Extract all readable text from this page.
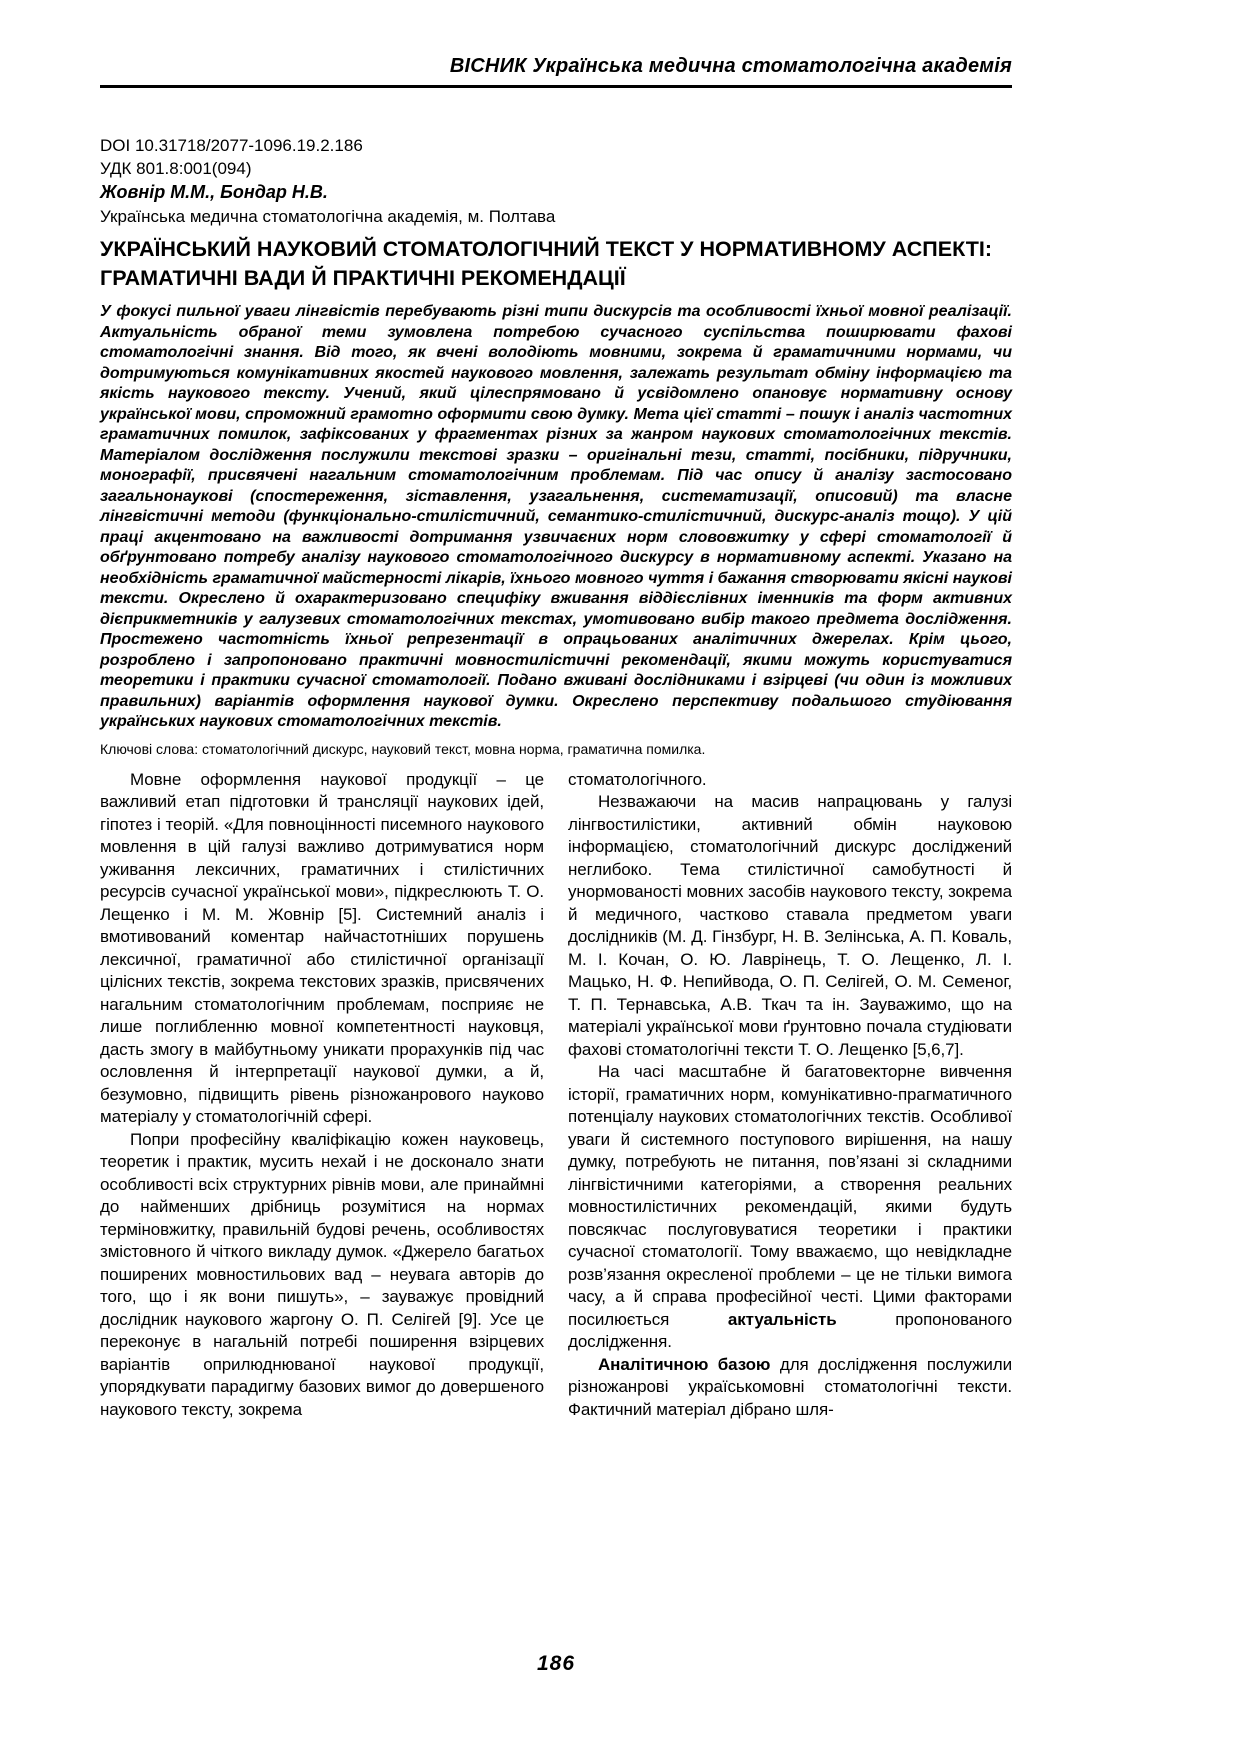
ВІСНИК Українська медична стоматологічна академія
DOI 10.31718/2077-1096.19.2.186
УДК 801.8:001(094)
Жовнір М.М., Бондар Н.В.
Українська медична стоматологічна академія, м. Полтава
УКРАЇНСЬКИЙ НАУКОВИЙ СТОМАТОЛОГІЧНИЙ ТЕКСТ У НОРМАТИВНОМУ АСПЕКТІ: ГРАМАТИЧНІ ВАДИ Й ПРАКТИЧНІ РЕКОМЕНДАЦІЇ

У фокусі пильної уваги лінгвістів перебувають різні типи дискурсів та особливості їхньої мовної реалізації. Актуальність обраної теми зумовлена потребою сучасного суспільства поширювати фахові стоматологічні знання. Від того, як вчені володіють мовними, зокрема й граматичними нормами, чи дотримуються комунікативних якостей наукового мовлення, залежать результат обміну інформацією та якість наукового тексту. Учений, який цілеспрямовано й усвідомлено опановує нормативну основу української мови, спроможний грамотно оформити свою думку. Мета цієї статті – пошук і аналіз частотних граматичних помилок, зафіксованих у фрагментах різних за жанром наукових стоматологічних текстів. Матеріалом дослідження послужили текстові зразки – оригінальні тези, статті, посібники, підручники, монографії, присвячені нагальним стоматологічним проблемам. Під час опису й аналізу застосовано загальнонаукові (спостереження, зіставлення, узагальнення, систематизації, описовий) та власне лінгвістичні методи (функціонально-стилістичний, семантико-стилістичний, дискурс-аналіз тощо). У цій праці акцентовано на важливості дотримання узвичаєних норм слововжитку у сфері стоматології й обґрунтовано потребу аналізу наукового стоматологічного дискурсу в нормативному аспекті. Указано на необхідність граматичної майстерності лікарів, їхнього мовного чуття і бажання створювати якісні наукові тексти. Окреслено й охарактеризовано специфіку вживання віддієслівних іменників та форм активних дієприкметників у галузевих стоматологічних текстах, умотивовано вибір такого предмета дослідження. Простежено частотність їхньої репрезентації в опрацьованих аналітичних джерелах. Крім цього, розроблено і запропоновано практичні мовностилістичні рекомендації, якими можуть користуватися теоретики і практики сучасної стоматології. Подано вживані дослідниками і взірцеві (чи один із можливих правильних) варіантів оформлення наукової думки. Окреслено перспективу подальшого студіювання українських наукових стоматологічних текстів.

Ключові слова: стоматологічний дискурс, науковий текст, мовна норма, граматична помилка.

Мовне оформлення наукової продукції – це важливий етап підготовки й трансляції наукових ідей, гіпотез і теорій. «Для повноцінності писемного наукового мовлення в цій галузі важливо дотримуватися норм уживання лексичних, граматичних і стилістичних ресурсів сучасної української мови», підкреслюють Т. О. Лещенко і М. М. Жовнір [5]. Системний аналіз і вмотивований коментар найчастотніших порушень лексичної, граматичної або стилістичної організації цілісних текстів, зокрема текстових зразків, присвячених нагальним стоматологічним проблемам, посприяє не лише поглибленню мовної компетентності науковця, дасть змогу в майбутньому уникати прорахунків під час ословлення й інтерпретації наукової думки, а й, безумовно, підвищить рівень різножанрового науково матеріалу у стоматологічній сфері.

Попри професійну кваліфікацію кожен науковець, теоретик і практик, мусить нехай і не досконало знати особливості всіх структурних рівнів мови, але принаймні до найменших дрібниць розумітися на нормах терміновжитку, правильній будові речень, особливостях змістовного й чіткого викладу думок. «Джерело багатьох поширених мовностильових вад – неувага авторів до того, що і як вони пишуть», – зауважує провідний дослідник наукового жаргону О. П. Селігей [9]. Усе це переконує в нагальній потребі поширення взірцевих варіантів оприлюднюваної наукової продукції, упорядкувати парадигму базових вимог до довершеного наукового тексту, зокрема

стоматологічного.

Незважаючи на масив напрацювань у галузі лінгвостилістики, активний обмін науковою інформацією, стоматологічний дискурс досліджений неглибоко. Тема стилістичної самобутності й унормованості мовних засобів наукового тексту, зокрема й медичного, частково ставала предметом уваги дослідників (М. Д. Гінзбург, Н. В. Зелінська, А. П. Коваль, М. І. Кочан, О. Ю. Лаврінець, Т. О. Лещенко, Л. І. Мацько, Н. Ф. Непийвода, О. П. Селігей, О. М. Семеног, Т. П. Тернавська, А.В. Ткач та ін. Зауважимо, що на матеріалі української мови ґрунтовно почала студіювати фахові стоматологічні тексти Т. О. Лещенко [5,6,7].

На часі масштабне й багатовекторне вивчення історії, граматичних норм, комунікативно-прагматичного потенціалу наукових стоматологічних текстів. Особливої уваги й системного поступового вирішення, на нашу думку, потребують не питання, пов’язані зі складними лінгвістичними категоріями, а створення реальних мовностилістичних рекомендацій, якими будуть повсякчас послуговуватися теоретики і практики сучасної стоматології. Тому вважаємо, що невідкладне розв’язання окресленої проблеми – це не тільки вимога часу, а й справа професійної честі. Цими факторами посилюється актуальність пропонованого дослідження.

Аналітичною базою для дослідження послужили різножанрові україськомовні стоматологічні тексти. Фактичний матеріал дібрано шля-

186
